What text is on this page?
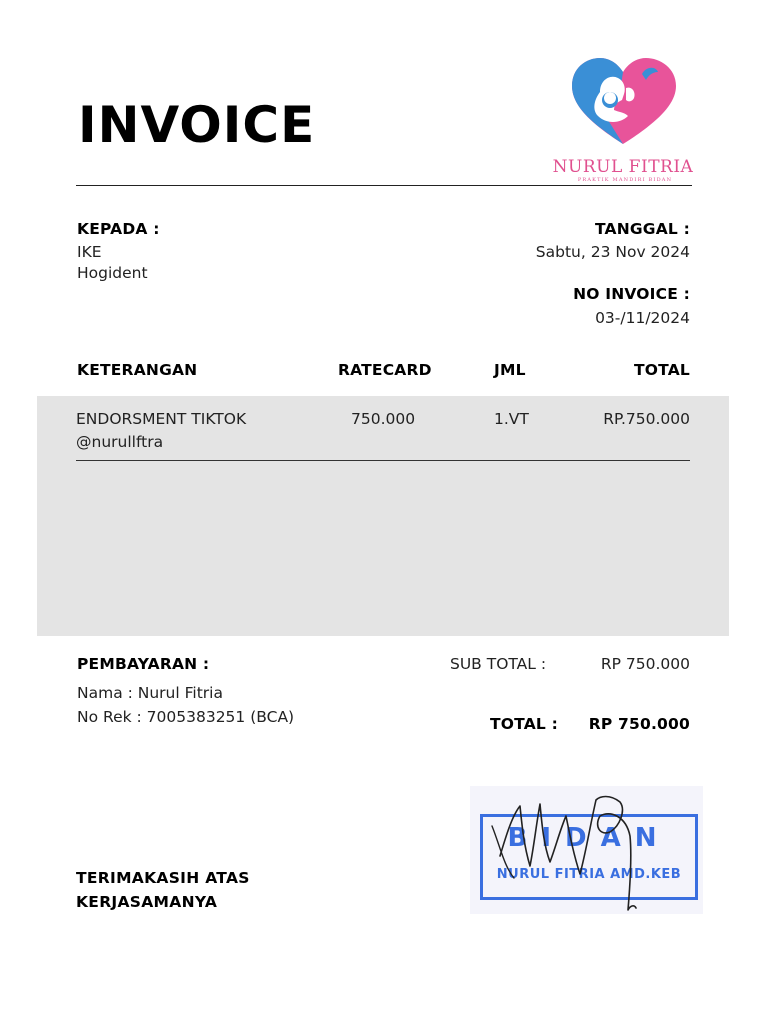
INVOICE
NURUL FITRIA
PRAKTIK MANDIRI BIDAN
KEPADA :
IKE
Hogident
TANGGAL :
Sabtu, 23 Nov 2024
NO INVOICE :
03-/11/2024
KETERANGAN	RATECARD	JML	TOTAL
ENDORSMENT TIKTOK
@nurullftra
750.000	1.VT	RP.750.000
PEMBAYARAN :
Nama : Nurul Fitria
No Rek : 7005383251 (BCA)
SUB TOTAL :	RP 750.000
TOTAL : RP 750.000
BIDAN
NURUL FITRIA AMD.KEB
TERIMAKASIH ATAS
KERJASAMANYA
